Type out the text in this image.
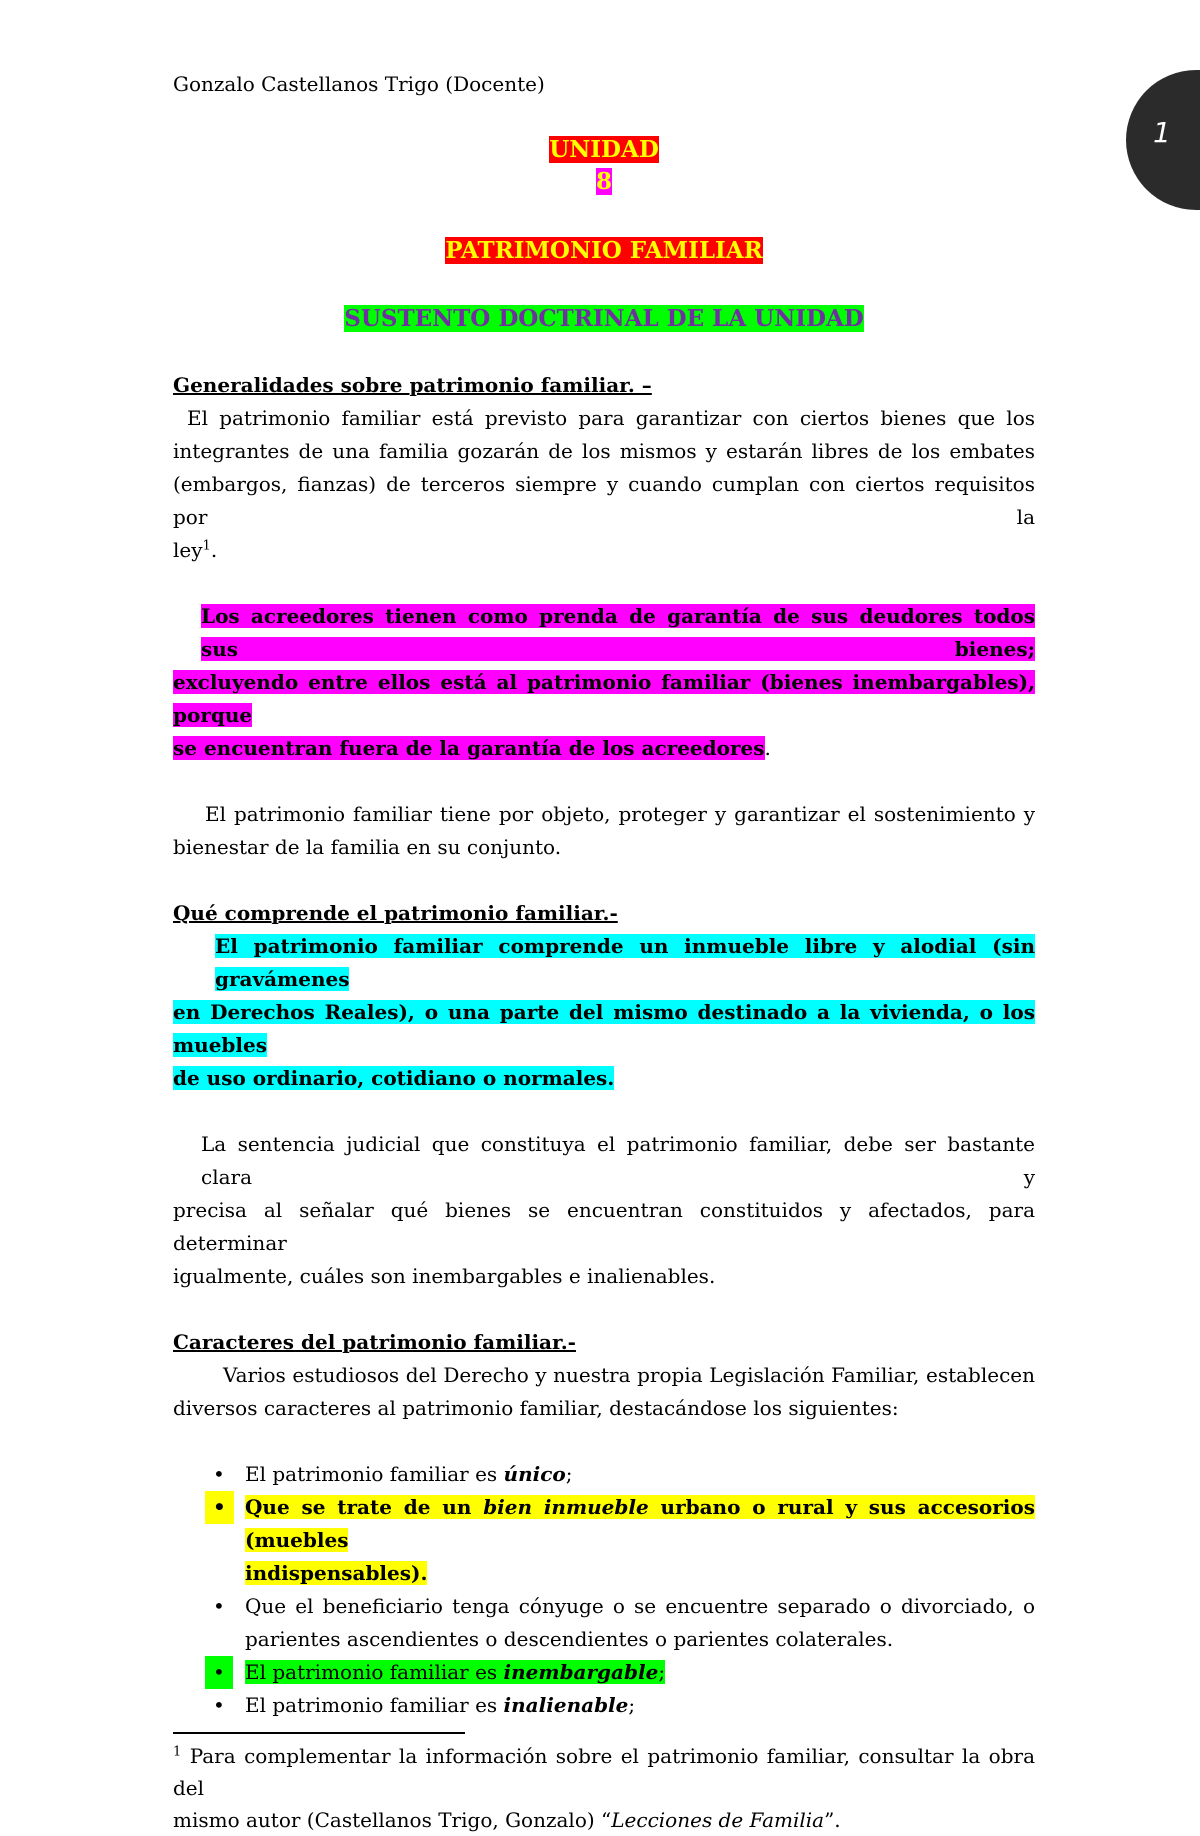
1
Gonzalo Castellanos Trigo (Docente)
UNIDAD
8
PATRIMONIO FAMILIAR
SUSTENTO DOCTRINAL DE LA UNIDAD
Generalidades sobre patrimonio familiar. –
El patrimonio familiar está previsto para garantizar con ciertos bienes que los
integrantes de una familia gozarán de los mismos y estarán libres de los embates
(embargos, fianzas) de terceros siempre y cuando cumplan con ciertos requisitos por la
ley$^1$.
Los acreedores tienen como prenda de garantía de sus deudores todos sus bienes;
excluyendo entre ellos está al patrimonio familiar (bienes inembargables), porque
se encuentran fuera de la garantía de los acreedores.
El patrimonio familiar tiene por objeto, proteger y garantizar el sostenimiento y
bienestar de la familia en su conjunto.
Qué comprende el patrimonio familiar.-
El patrimonio familiar comprende un inmueble libre y alodial (sin gravámenes
en Derechos Reales), o una parte del mismo destinado a la vivienda, o los muebles
de uso ordinario, cotidiano o normales.
La sentencia judicial que constituya el patrimonio familiar, debe ser bastante clara y
precisa al señalar qué bienes se encuentran constituidos y afectados, para determinar
igualmente, cuáles son inembargables e inalienables.
Caracteres del patrimonio familiar.-
Varios estudiosos del Derecho y nuestra propia Legislación Familiar, establecen
diversos caracteres al patrimonio familiar, destacándose los siguientes:
• El patrimonio familiar es único;
• Que se trate de un bien inmueble urbano o rural y sus accesorios (muebles
indispensables).
• Que el beneficiario tenga cónyuge o se encuentre separado o divorciado, o
parientes ascendientes o descendientes o parientes colaterales.
•	El patrimonio familiar es inembargable;
• El patrimonio familiar es inalienable;
$^1$ Para complementar la información sobre el patrimonio familiar, consultar la obra del
mismo autor (Castellanos Trigo, Gonzalo) “Lecciones de Familia”.
